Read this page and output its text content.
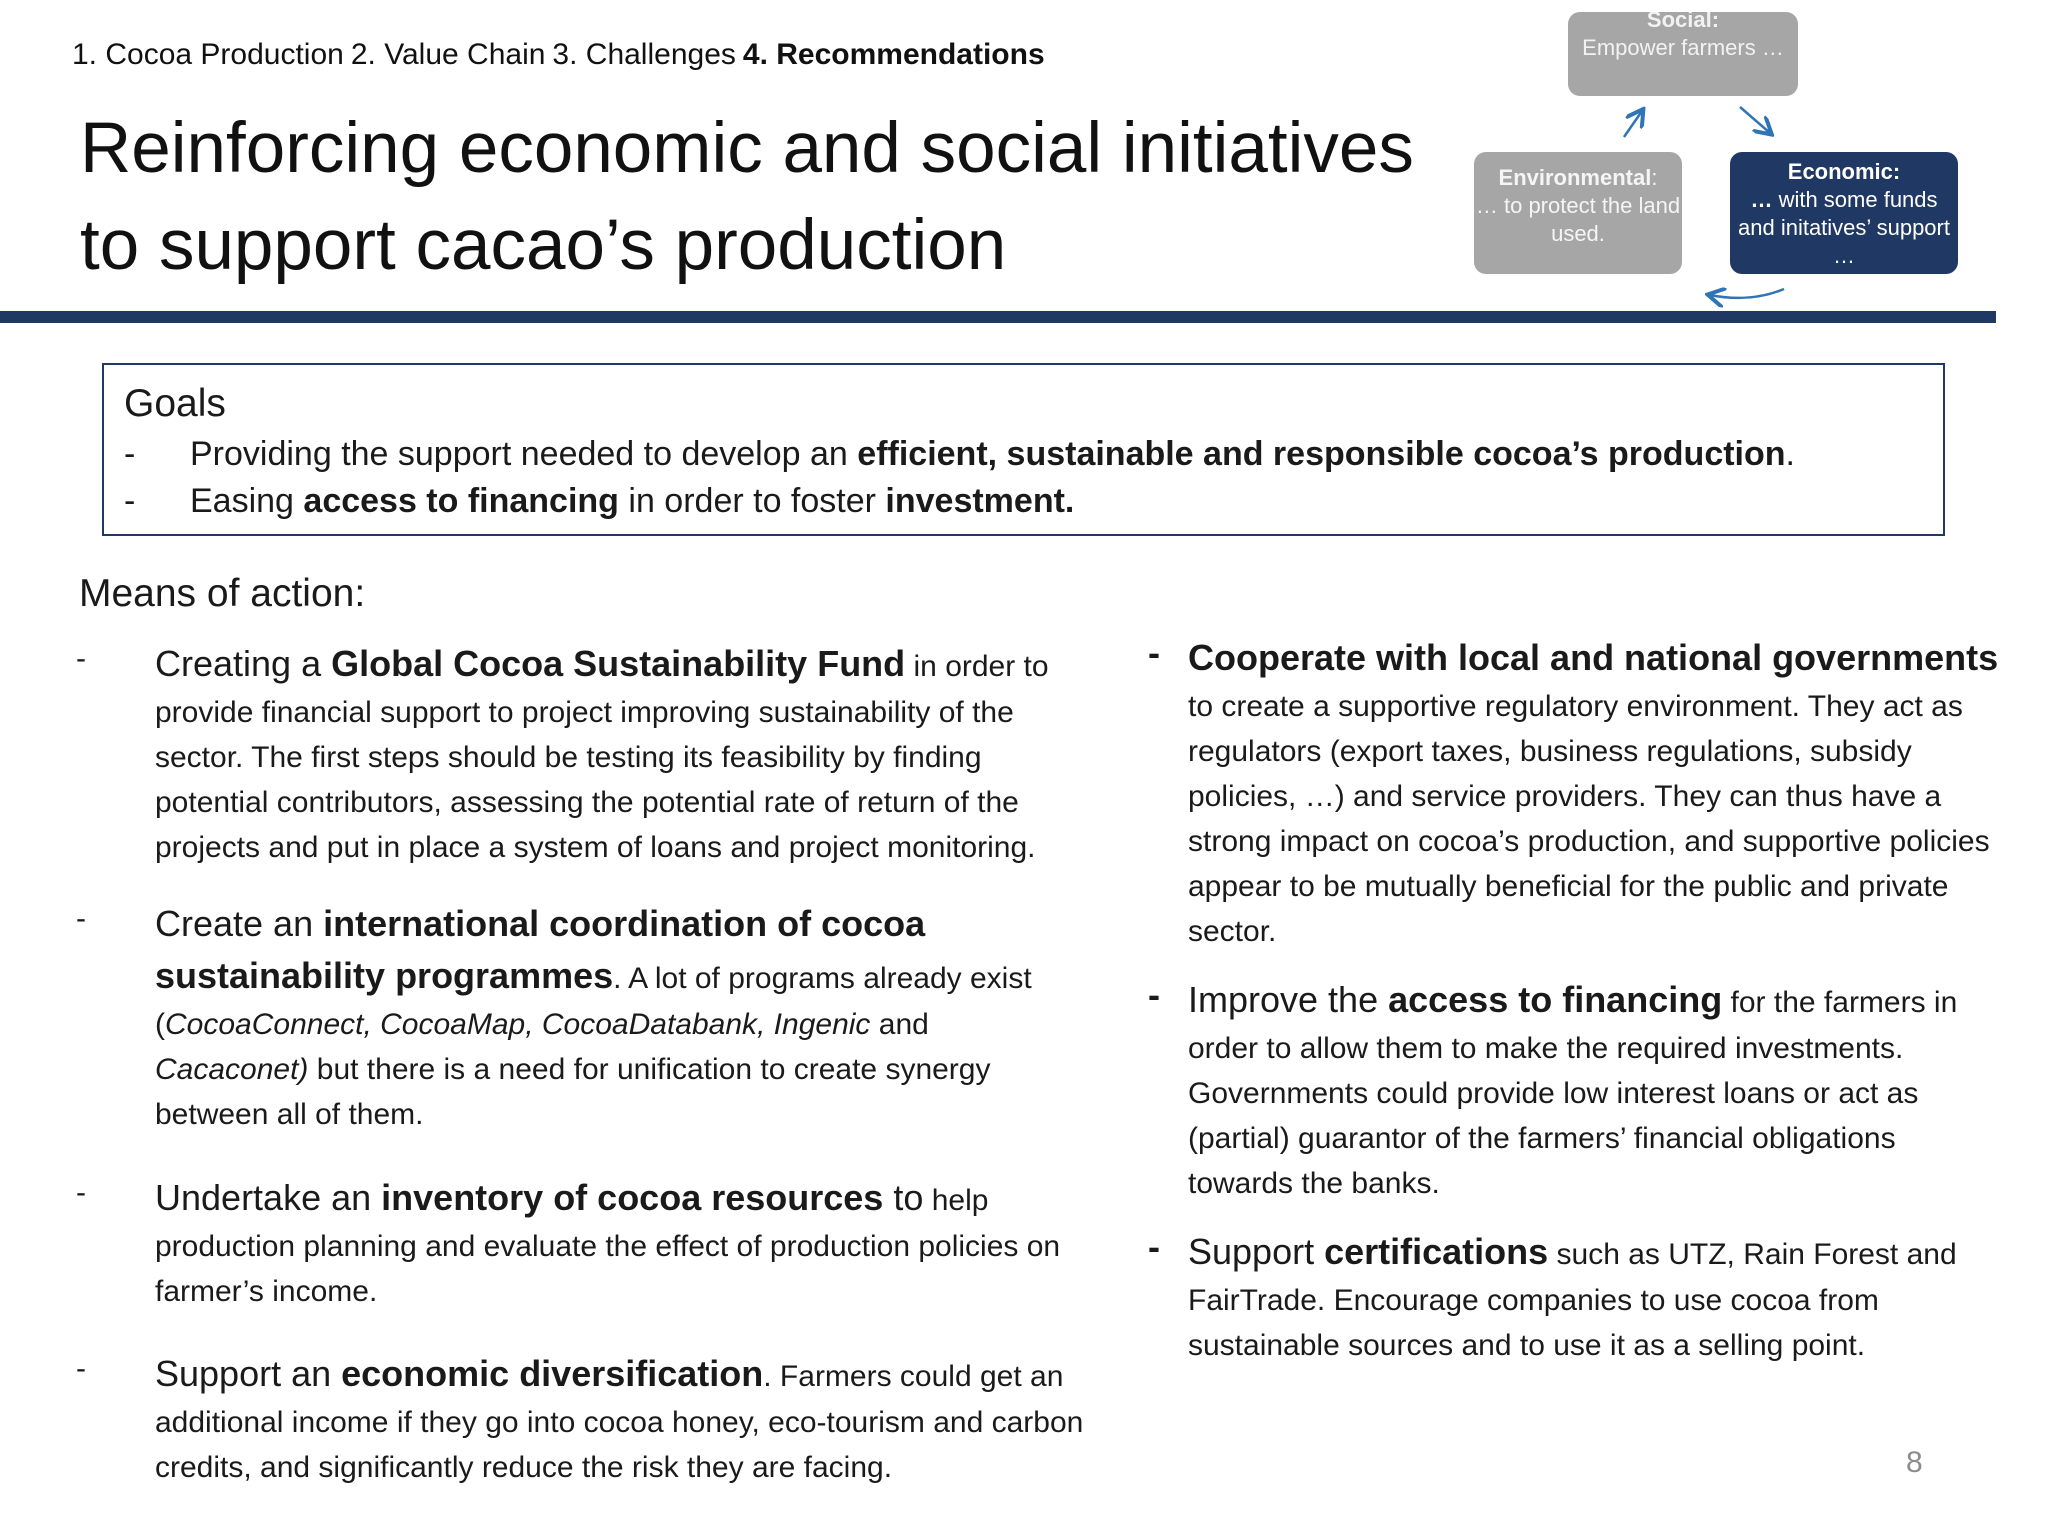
1. Cocoa Production 2. Value Chain 3. Challenges 4. Recommendations
Reinforcing economic and social initiatives
to support cacao’s production
Social:
Empower farmers …
Environmental:
… to protect the land used.
Economic:
… with some funds and initatives’ support …
Goals
-	Providing the support needed to develop an efficient, sustainable and responsible cocoa’s production.
-	Easing access to financing in order to foster investment.
Means of action:
- Creating a Global Cocoa Sustainability Fund in order to provide financial support to project improving sustainability of the sector. The first steps should be testing its feasibility by finding potential contributors, assessing the potential rate of return of the projects and put in place a system of loans and project monitoring.
- Create an international coordination of cocoa sustainability programmes. A lot of programs already exist (CocoaConnect, CocoaMap, CocoaDatabank, Ingenic and Cacaconet) but there is a need for unification to create synergy between all of them.
- Undertake an inventory of cocoa resources to help production planning and evaluate the effect of production policies on farmer’s income.
- Support an economic diversification. Farmers could get an additional income if they go into cocoa honey, eco-tourism and carbon credits, and significantly reduce the risk they are facing.
- Cooperate with local and national governments to create a supportive regulatory environment. They act as regulators (export taxes, business regulations, subsidy policies, …) and service providers. They can thus have a strong impact on cocoa’s production, and supportive policies appear to be mutually beneficial for the public and private sector.
- Improve the access to financing for the farmers in order to allow them to make the required investments. Governments could provide low interest loans or act as (partial) guarantor of the farmers’ financial obligations towards the banks.
- Support certifications such as UTZ, Rain Forest and FairTrade. Encourage companies to use cocoa from sustainable sources and to use it as a selling point.
8
